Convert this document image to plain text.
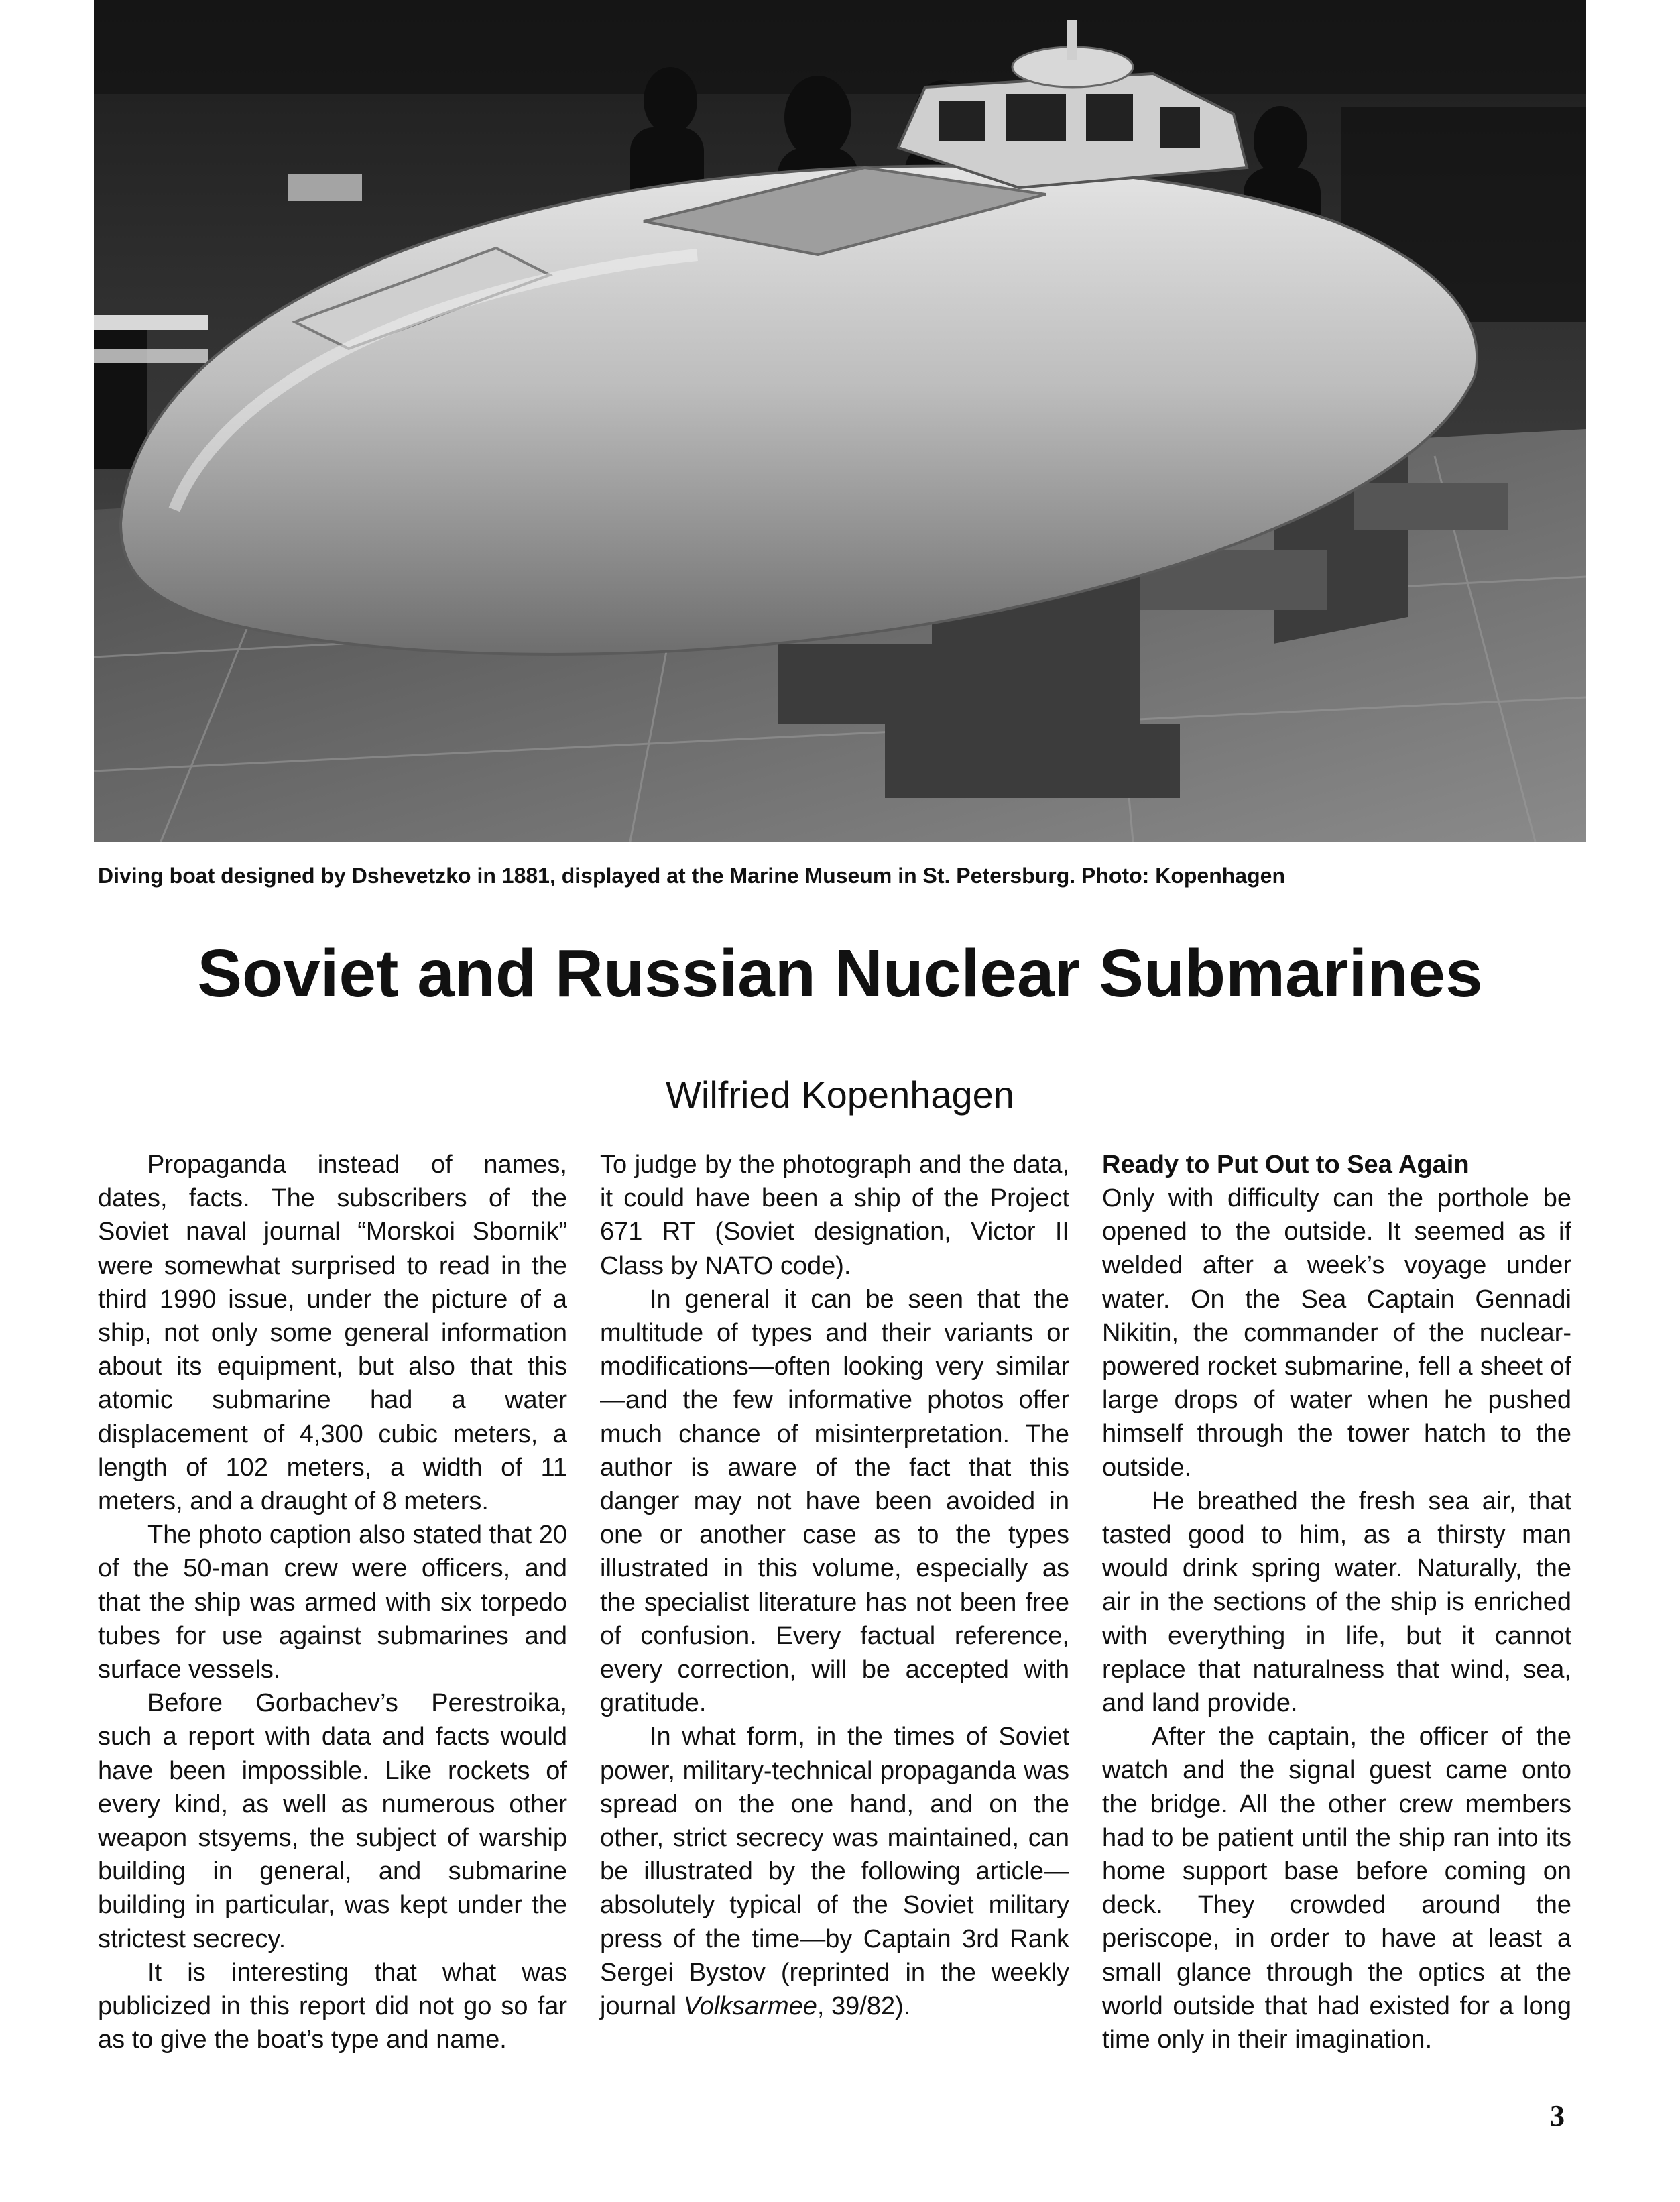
Diving boat designed by Dshevetzko in 1881, displayed at the Marine Museum in St. Petersburg. Photo: Kopenhagen
Soviet and Russian Nuclear Submarines
Wilfried Kopenhagen

Propaganda instead of names, dates, facts. The subscribers of the Soviet naval journal “Morskoi Sbornik” were somewhat surprised to read in the third 1990 issue, under the picture of a ship, not only some general information about its equipment, but also that this atomic submarine had a water displacement of 4,300 cubic meters, a length of 102 meters, a width of 11 meters, and a draught of 8 meters.

The photo caption also stated that 20 of the 50-man crew were officers, and that the ship was armed with six torpedo tubes for use against submarines and surface vessels.

Before Gorbachev’s Perestroika, such a report with data and facts would have been impossible. Like rockets of every kind, as well as numerous other weapon stsyems, the subject of warship building in general, and submarine building in particular, was kept under the strictest secrecy.

It is interesting that what was publicized in this report did not go so far as to give the boat’s type and name.

To judge by the photograph and the data, it could have been a ship of the Project 671 RT (Soviet designation, Victor II Class by NATO code).

In general it can be seen that the multitude of types and their variants or modifications—often looking very similar—and the few informative photos offer much chance of misinterpretation. The author is aware of the fact that this danger may not have been avoided in one or another case as to the types illustrated in this volume, especially as the specialist literature has not been free of confusion. Every factual reference, every correction, will be accepted with gratitude.

In what form, in the times of Soviet power, military-technical propaganda was spread on the one hand, and on the other, strict secrecy was maintained, can be illustrated by the following article—absolutely typical of the Soviet military press of the time—by Captain 3rd Rank Sergei Bystov (reprinted in the weekly journal Volksarmee, 39/82).

Ready to Put Out to Sea Again

Only with difficulty can the porthole be opened to the outside. It seemed as if welded after a week’s voyage under water. On the Sea Captain Gennadi Nikitin, the commander of the nuclear-powered rocket submarine, fell a sheet of large drops of water when he pushed himself through the tower hatch to the outside.

He breathed the fresh sea air, that tasted good to him, as a thirsty man would drink spring water. Naturally, the air in the sections of the ship is enriched with everything in life, but it cannot replace that naturalness that wind, sea, and land provide.

After the captain, the officer of the watch and the signal guest came onto the bridge. All the other crew members had to be patient until the ship ran into its home support base before coming on deck. They crowded around the periscope, in order to have at least a small glance through the optics at the world outside that had existed for a long time only in their imagination.

3
